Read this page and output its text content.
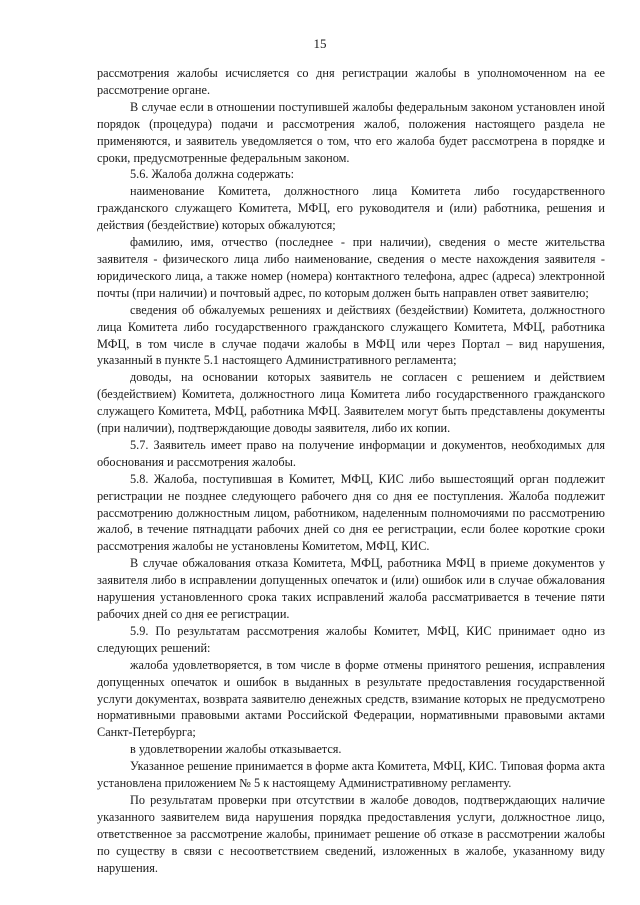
15

рассмотрения жалобы исчисляется со дня регистрации жалобы в уполномоченном на ее рассмотрение органе.

В случае если в отношении поступившей жалобы федеральным законом установлен иной порядок (процедура) подачи и рассмотрения жалоб, положения настоящего раздела не применяются, и заявитель уведомляется о том, что его жалоба будет рассмотрена в порядке и сроки, предусмотренные федеральным законом.

5.6. Жалоба должна содержать:

наименование Комитета, должностного лица Комитета либо государственного гражданского служащего Комитета, МФЦ, его руководителя и (или) работника, решения и действия (бездействие) которых обжалуются;

фамилию, имя, отчество (последнее - при наличии), сведения о месте жительства заявителя - физического лица либо наименование, сведения о месте нахождения заявителя - юридического лица, а также номер (номера) контактного телефона, адрес (адреса) электронной почты (при наличии) и почтовый адрес, по которым должен быть направлен ответ заявителю;

сведения об обжалуемых решениях и действиях (бездействии) Комитета, должностного лица Комитета либо государственного гражданского служащего Комитета, МФЦ, работника МФЦ, в том числе в случае подачи жалобы в МФЦ или через Портал – вид нарушения, указанный в пункте 5.1 настоящего Административного регламента;

доводы, на основании которых заявитель не согласен с решением и действием (бездействием) Комитета, должностного лица Комитета либо государственного гражданского служащего Комитета, МФЦ, работника МФЦ. Заявителем могут быть представлены документы (при наличии), подтверждающие доводы заявителя, либо их копии.

5.7. Заявитель имеет право на получение информации и документов, необходимых для обоснования и рассмотрения жалобы.

5.8. Жалоба, поступившая в Комитет, МФЦ, КИС либо вышестоящий орган подлежит регистрации не позднее следующего рабочего дня со дня ее поступления. Жалоба подлежит рассмотрению должностным лицом, работником, наделенным полномочиями по рассмотрению жалоб, в течение пятнадцати рабочих дней со дня ее регистрации, если более короткие сроки рассмотрения жалобы не установлены Комитетом, МФЦ, КИС.

В случае обжалования отказа Комитета, МФЦ, работника МФЦ в приеме документов у заявителя либо в исправлении допущенных опечаток и (или) ошибок или в случае обжалования нарушения установленного срока таких исправлений жалоба рассматривается в течение пяти рабочих дней со дня ее регистрации.

5.9. По результатам рассмотрения жалобы Комитет, МФЦ, КИС принимает одно из следующих решений:

жалоба удовлетворяется, в том числе в форме отмены принятого решения, исправления допущенных опечаток и ошибок в выданных в результате предоставления государственной услуги документах, возврата заявителю денежных средств, взимание которых не предусмотрено нормативными правовыми актами Российской Федерации, нормативными правовыми актами Санкт-Петербурга;

в удовлетворении жалобы отказывается.

Указанное решение принимается в форме акта Комитета, МФЦ, КИС. Типовая форма акта установлена приложением № 5 к настоящему Административному регламенту.

По результатам проверки при отсутствии в жалобе доводов, подтверждающих наличие указанного заявителем вида нарушения порядка предоставления услуги, должностное лицо, ответственное за рассмотрение жалобы, принимает решение об отказе в рассмотрении жалобы по существу в связи с несоответствием сведений, изложенных в жалобе, указанному виду нарушения.
